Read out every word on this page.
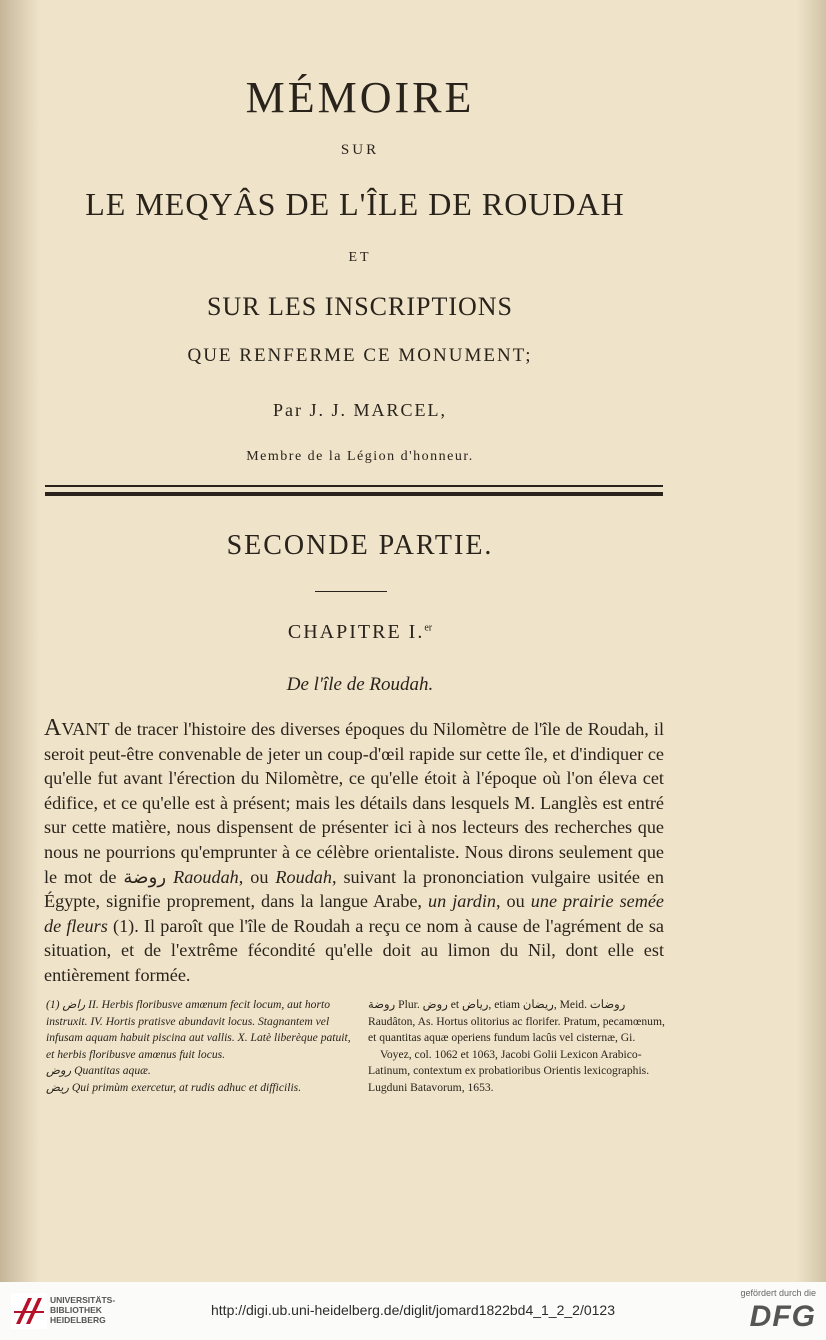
MÉMOIRE
SUR
LE MEQYÂS DE L'ÎLE DE ROUDAH
ET
SUR LES INSCRIPTIONS
QUE RENFERME CE MONUMENT;
Par J. J. MARCEL,
Membre de la Légion d'honneur.
SECONDE PARTIE.
CHAPITRE I.$^{er}$
De l'île de Roudah.

AVANT de tracer l'histoire des diverses époques du Nilomètre de l'île de Roudah, il seroit peut-être convenable de jeter un coup-d'œil rapide sur cette île, et d'indiquer ce qu'elle fut avant l'érection du Nilomètre, ce qu'elle étoit à l'époque où l'on éleva cet édifice, et ce qu'elle est à présent; mais les détails dans lesquels M. Langlès est entré sur cette matière, nous dispensent de présenter ici à nos lecteurs des recherches que nous ne pourrions qu'emprunter à ce célèbre orientaliste. Nous dirons seulement que le mot de روضة Raoudah, ou Roudah, suivant la prononciation vulgaire usitée en Égypte, signifie proprement, dans la langue Arabe, un jardin, ou une prairie semée de fleurs (1). Il paroît que l'île de Roudah a reçu ce nom à cause de l'agrément de sa situation, et de l'extrême fécondité qu'elle doit au limon du Nil, dont elle est entièrement formée.

(1) راض II. Herbis floribusve amœnum fecit locum, aut horto instruxit. IV. Hortis pratisve abundavit locus. Stagnantem vel infusam aquam habuit piscina aut vallis. X. Latè liberèque patuit, et herbis floribusve amœnus fuit locus.

روض Quantitas aquæ.

ريض Qui primùm exercetur, at rudis adhuc et difficilis.

روضة Plur. روض et رياض, etiam ريضان, Meid. روضات Raudâton, As. Hortus olitorius ac florifer. Pratum, pecamœnum, et quantitas aquæ operiens fundum lacûs vel cisternæ, Gi.

Voyez, col. 1062 et 1063, Jacobi Golii Lexicon Arabico-Latinum, contextum ex probatioribus Orientis lexicographis. Lugduni Batavorum, 1653.

UNIVERSITÄTS-
BIBLIOTHEK
HEIDELBERG
http://digi.ub.uni-heidelberg.de/diglit/jomard1822bd4_1_2_2/0123
gefördert durch die
DFG
